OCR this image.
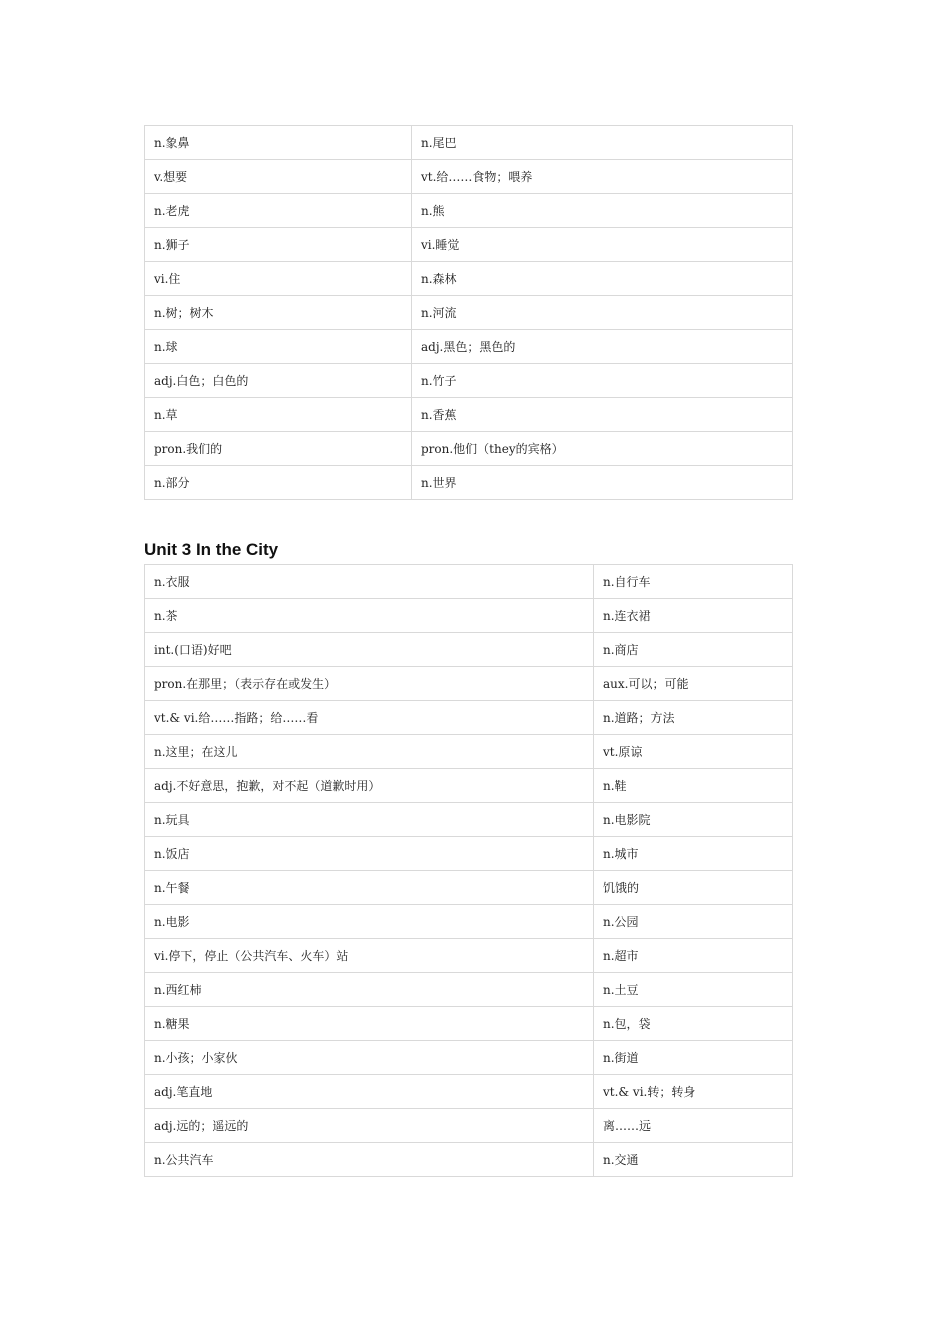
n.象鼻	n.尾巴
v.想要	vt.给……食物；喂养
n.老虎	n.熊
n.狮子	vi.睡觉
vi.住	n.森林
n.树；树木	n.河流
n.球	adj.黑色；黑色的
adj.白色；白色的	n.竹子
n.草	n.香蕉
pron.我们的	pron.他们（they的宾格）
n.部分	n.世界
Unit 3 In the City
n.衣服	n.自行车
n.茶	n.连衣裙
int.(口语)好吧	n.商店
pron.在那里；（表示存在或发生）	aux.可以；可能
vt.& vi.给……指路；给……看	n.道路；方法
n.这里；在这儿	vt.原谅
adj.不好意思，抱歉，对不起（道歉时用）	n.鞋
n.玩具	n.电影院
n.饭店	n.城市
n.午餐	饥饿的
n.电影	n.公园
vi.停下，停止（公共汽车、火车）站	n.超市
n.西红柿	n.土豆
n.糖果	n.包，袋
n.小孩；小家伙	n.街道
adj.笔直地	vt.& vi.转；转身
adj.远的；遥远的	离……远
n.公共汽车	n.交通
